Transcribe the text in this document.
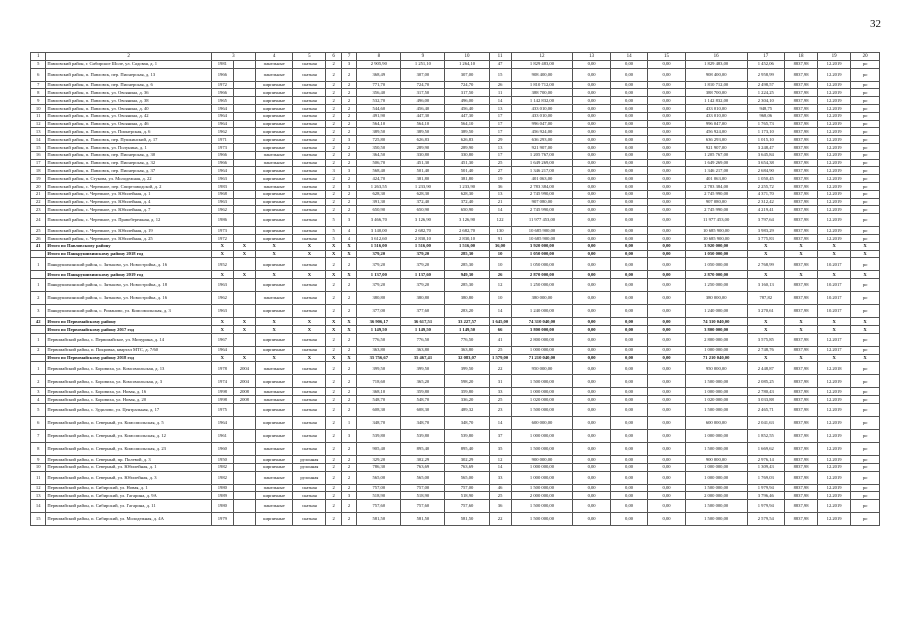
32
1	2	3		4	5	6	7	8	9	10	11	12	13	14	15	16	17	18	19	20
5	Павловский район, г. Сибирское Шоле, ул. Садовая, д. 1	1981		панельные	скатная	2	3	2 905,90	1 251,10	1 264,10	47	1 829 483,00	0,00	0,00	0,00	1 829 483,00	1 452,06	8837,98	12.2019	ро
6	Павловский район, п. Павловск, пер. Пионерская, д. 13	1966		панельные	скатная	2	2	368,49	307,00	307,00	15	908 400,00	0,00	0,00	0,00	908 400,00	2 958,99	8837,98	12.2019	ро
7	Павловский район, п. Павловск, пер. Пионерская, д. 6	1972		кирпичные	скатная	2	2	771,70	724,70	724,70	26	1 810 712,00	0,00	0,00	0,00	1 810 712,00	2 498,57	8837,98	12.2019	ро
8	Павловский район, п. Павловск, ул. Овсянина, д. 36	1966		кирпичные	скатная	2	2	356,40	317,50	317,50	11	388 700,00	0,00	0,00	0,00	388 700,00	1 224,25	8837,98	12.2019	ро
9	Павловский район, п. Павловск, ул. Овсянина, д. 38	1965		кирпичные	скатная	2	2	532,70	496,00	496,00	14	1 142 832,00	0,00	0,00	0,00	1 142 832,00	2 304,10	8837,98	12.2019	ро
10	Павловский район, п. Павловск, ул. Овсянина, д. 40	1964		кирпичные	скатная	2	2	544,60	456,40	456,40	13	433 010,00	0,00	0,00	0,00	433 010,00	948,75	8837,98	12.2019	ро
11	Павловский район, п. Павловск, ул. Овсянина, д. 42	1964		кирпичные	скатная	2	2	491,90	447,30	447,30	17	433 010,00	0,00	0,00	0,00	433 010,00	968,06	8837,98	12.2019	ро
12	Павловский район, п. Павловск, ул. Овсянина, д. 46	1964		кирпичные	скатная	2	2	564,10	564,10	564,10	17	996 047,00	0,00	0,00	0,00	996 047,00	1 765,73	8837,98	12.2019	ро
13	Павловский район, п. Павловск, ул. Пионерская, д. 6	1962		кирпичные	скатная	2	2	389,50	389,50	389,50	17	456 924,00	0,00	0,00	0,00	456 924,00	1 173,10	8837,98	12.2019	ро
14	Павловский район, п. Павловск, пер. Пушкинский, д. 17	1971		кирпичные	скатная	2	3	725,80	626,83	626,83	29	636 293,00	0,00	0,00	0,00	636 293,00	1 015,10	8837,98	12.2019	ро
15	Павловский район, п. Павловск, ул. Полунина, д. 1	1973		кирпичные	скатная	2	2	350,50	289,90	289,90	13	921 907,00	0,00	0,00	0,00	921 907,00	3 248,47	8837,98	12.2019	ро
16	Павловский район, п. Павловск, пер. Пионерская, д. 30	1966		панельные	скатная	2	2	364,50	330,80	330,80	17	1 205 767,00	0,00	0,00	0,00	1 205 767,00	3 645,84	8837,98	12.2019	ро
17	Павловский район, п. Павловск, пер. Пионерская, д. 32	1966		панельные	скатная	2	2	506,70	451,30	451,30	25	1 649 269,00	0,00	0,00	0,00	1 649 269,00	3 654,38	8837,98	12.2019	ро
18	Павловский район, п. Павловск, пер. Пионерская, д. 37	1964		кирпичные	скатная	3	3	568,40	501,40	501,40	27	1 346 217,00	0,00	0,00	0,00	1 346 217,00	2 684,90	8837,98	12.2019	ро
19	Павловский район, п. Стукова, ул. Молодежная, д. 22	1963		кирпичные	скатная	2	2	424,70	381,80	381,80	19	401 063,00	0,00	0,00	0,00	401 063,00	1 050,45	8837,98	12.2019	ро
20	Павловский район, с. Черемное, пер. Спиртзаводской, д. 2	1983		панельные	скатная	2	3	1 263,55	1 233,90	1 233,90	36	2 783 384,00	0,00	0,00	0,00	2 783 384,00	2 255,72	8837,98	12.2019	ро
21	Павловский район, с. Черемное, ул. Юбилейная, д. 1	1968		кирпичные	скатная	2	2	628,30	628,30	628,30	13	2 745 990,00	0,00	0,00	0,00	2 745 990,00	4 371,70	8837,98	12.2019	ро
22	Павловский район, с. Черемное, ул. Юбилейная, д. 4	1963		кирпичные	скатная	2	2	391,30	372,40	372,40	21	907 080,00	0,00	0,00	0,00	907 080,00	2 312,42	8837,98	12.2019	ро
23	Павловский район, с. Черемное, ул. Юбилейная, д. 7	1962		кирпичные	скатная	2	2	650,90	650,90	650,90	14	2 745 990,00	0,00	0,00	0,00	2 745 990,00	4 219,41	8837,98	12.2019	ро
24	Павловский район, с. Черемное, ул. Правобережная, д. 12	1986		кирпичные	скатная	5	3	3 466,70	3 126,90	3 126,90	122	11 977 453,00	0,00	0,00	0,00	11 977 453,00	3 797,64	8837,98	12.2019	ро
25	Павловский район, с. Черемное, ул. Юбилейная, д. 19	1973		кирпичные	скатная	5	4	3 140,00	2 682,70	2 682,70	130	10 685 900,00	0,00	0,00	0,00	10 685 900,00	3 983,29	8837,98	12.2019	ро
26	Павловский район, с. Черемное, ул. Юбилейная, д. 25	1972		кирпичные	скатная	5	4	3 612,60	2 830,10	2 830,10	91	10 685 900,00	0,00	0,00	0,00	10 685 900,00	3 775,83	8837,98	12.2019	ро
41	Итого по Павловскому району	X	X	X	X	X	X	1 516,00	1 516,00	1 516,00	36,00	3 920 000,00	0,00	0,00	0,00	3 920 000,00	X	X	X	X
	Итого по Панкрушихинскому району 2018 год	X	X	X	X	X	X	379,20	379,20	285,30	10	1 050 000,00	0,00	0,00	0,00	1 050 000,00	X	X	X	X
1	Панкрушихинский район, с. Зятьково, ул. Новостройка, д. 16	1952		кирпичные	скатная	2	2	379,20	379,20	285,30	10	1 050 000,00	0,00	0,00	0,00	1 050 000,00	2 768,99	8837,98	10.2017	ро
	Итого по Панкрушихинскому району 2019 год	X	X	X	X	X	X	1 137,00	1 137,60	949,30	26	2 870 000,00	0,00	0,00	0,00	2 870 000,00	X	X	X	X
1	Панкрушихинский район, с. Зятьково, ул. Новостройка, д. 18	1963		кирпичные	скатная	2	2	379,20	379,20	285,30	12	1 250 000,00	0,00	0,00	0,00	1 250 000,00	3 160,13	8837,98	10.2017	ро
2	Панкрушихинский район, с. Зятьково, ул. Новостройка, д. 16	1962		панельные	скатная	2	2	380,80	380,80	380,80	10	380 000,00	0,00	0,00	0,00	380 000,00	787,82	8837,98	10.2017	ро
3	Панкрушихинский район, с. Романово, ул. Комсомольская, д. 3	1963		кирпичные	скатная	2	2	377,00	377,60	283,20	14	1 240 000,00	0,00	0,00	0,00	1 240 000,00	3 270,61	8837,98	10.2017	ро
42	Итого по Первомайскому району	X	X	X	X	X	X	36 906,17	36 617,51	33 227,57	1 645,00	74 310 040,00	0,00	0,00	0,00	74 310 040,00	X	X	X	X
	Итого по Первомайскому району 2017 год	X	X	X	X	X	X	1 149,50	1 149,50	1 149,50	66	3 800 000,00	0,00	0,00	0,00	3 800 000,00	X	X	X	X
1	Первомайский район, с. Первомайское, ул. Мичурина, д. 14	1967		кирпичные	скатная	2	2	776,50	776,50	776,50	41	2 800 000,00	0,00	0,00	0,00	2 800 000,00	3 575,85	8837,98	12.2017	ро
2	Первомайский район, п. Покровка, квартал МТС, д. 7/60	1964		кирпичные	скатная	2	2	363,80	363,80	363,80	25	1 000 000,00	0,00	0,00	0,00	1 000 000,00	2 748,76	8837,98	12.2017	ро
	Итого по Первомайскому району 2018 год	X	X	X	X	X	X	35 756,67	35 467,41	32 083,07	1 579,00	71 210 040,00	0,00	0,00	0,00	71 210 040,00	X	X	X	X
1	Первомайский район, с. Боровиха, ул. Комсомольская, д. 13	1978	2004	панельные	скатная	2	2	399,50	399,50	399,50	22	950 000,00	0,00	0,00	0,00	950 000,00	2 448,87	8837,98	12.2018	ро
2	Первомайский район, с. Боровиха, ул. Комсомольская, д. 3	1974	2004	кирпичные	скатная	2	2	718,60	365,20	598,20	31	1 500 000,00	0,00	0,00	0,00	1 500 000,00	2 085,25	8837,98	12.2019	ро
3	Первомайский район, с. Боровиха, ул. Новая, д. 16	1998	2008	панельные	скатная	2	2	368,10	359,80	359,80	33	1 000 000,00	0,00	0,00	0,00	1 000 000,00	2 780,43	8837,98	12.2019	ро
4	Первомайский район, с. Боровиха, ул. Новая, д. 20	1998	2008	панельные	скатная	2	2	548,70	548,70	336,20	25	1 020 000,00	0,00	0,00	0,00	1 020 000,00	3 033,88	8837,98	12.2019	ро
5	Первомайский район, с. Зудилово, ул. Центральная, д. 17	1975		кирпичные	скатная	2	2	608,30	608,30	489,32	23	1 500 000,00	0,00	0,00	0,00	1 500 000,00	2 465,71	8837,98	12.2019	ро
6	Первомайский район, п. Северный, ул. Комсомольская, д. 5	1964		кирпичные	скатная	2	1	348,70	348,70	348,70	14	600 000,00	0,00	0,00	0,00	600 000,00	2 041,63	8837,98	12.2019	ро
7	Первомайский район, п. Северный, ул. Комсомольская, д. 12	1961		кирпичные	скатная	2	3	539,80	539,80	539,80	37	1 000 000,00	0,00	0,00	0,00	1 000 000,00	1 852,55	8837,98	12.2019	ро
8	Первомайский район, п. Северный, ул. Комсомольская, д. 23	1960		панельные	скатная	2	2	905,40	895,40	895,40	35	1 500 000,00	0,00	0,00	0,00	1 500 000,00	1 669,62	8837,98	12.2019	ро
9	Первомайский район, п. Северный, пр. Полевой, д. 3	1950		кирпичные	рулонная	2	2	329,20	302,29	302,29	12	900 000,00	0,00	0,00	0,00	900 000,00	2 976,14	8837,98	12.2019	ро
10	Первомайский район, п. Северный, ул. Юбилейная, д. 1	1982		кирпичные	рулонная	2	2	786,30	763,69	763,69	14	1 000 000,00	0,00	0,00	0,00	1 000 000,00	1 309,43	8837,98	12.2019	ро
11	Первомайский район, п. Северный, ул. Юбилейная, д. 3	1982		панельные	рулонная	2	2	565,00	565,00	565,00	33	1 000 000,00	0,00	0,00	0,00	1 000 000,00	1 769,03	8837,98	12.2019	ро
12	Первомайский район, п. Сибирский, ул. Новая, д. 1	1980		панельные	скатная	2	2	757,00	757,00	757,00	46	1 500 000,00	0,00	0,00	0,00	1 500 000,00	1 979,94	8837,98	12.2019	ро
13	Первомайский район, п. Сибирский, ул. Гагарина, д. 9А	1989		кирпичные	скатная	2	3	518,90	518,90	518,90	25	2 000 000,00	0,00	0,00	0,00	2 000 000,00	3 796,46	8837,98	12.2019	ро
14	Первомайский район, п. Сибирский, ул. Гагарина, д. 11	1980		панельные	скатная	2	2	757,60	757,60	757,60	36	1 500 000,00	0,00	0,00	0,00	1 500 000,00	1 979,94	8837,98	12.2019	ро
15	Первомайский район, п. Сибирский, ул. Молодежная, д. 4А	1979		кирпичные	скатная	2	2	581,50	581,50	581,50	22	1 500 000,00	0,00	0,00	0,00	1 500 000,00	2 579,54	8837,98	12.2019	ро
